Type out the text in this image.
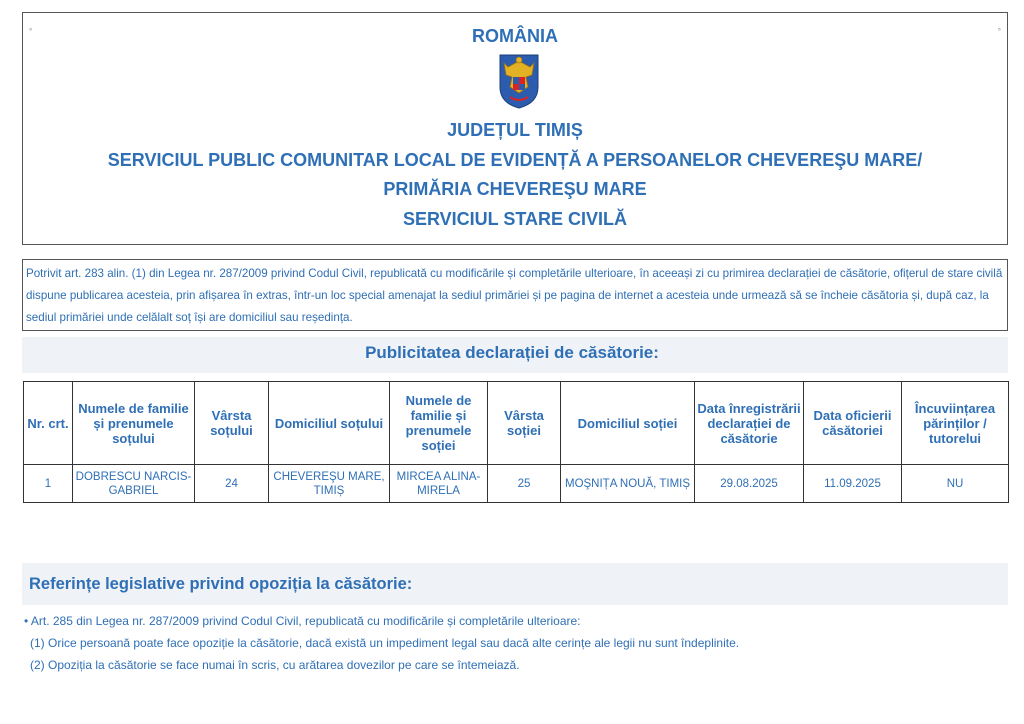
°	°
ROMÂNIA
JUDEȚUL TIMIȘ
SERVICIUL PUBLIC COMUNITAR LOCAL DE EVIDENȚĂ A PERSOANELOR CHEVEREŞU MARE/
PRIMĂRIA CHEVEREŞU MARE
SERVICIUL STARE CIVILĂ
Potrivit art. 283 alin. (1) din Legea nr. 287/2009 privind Codul Civil, republicată cu modificările și completările ulterioare, în aceeași zi cu primirea declarației de căsătorie, ofițerul de stare civilă dispune publicarea acesteia, prin afișarea în extras, într-un loc special amenajat la sediul primăriei și pe pagina de internet a acesteia unde urmează să se încheie căsătoria și, după caz, la sediul primăriei unde celălalt soț își are domiciliul sau reședința.
Publicitatea declarației de căsătorie:
Nr. crt.	Numele de familie și prenumele soțului	Vârsta soțului	Domiciliul soțului	Numele de familie și prenumele soției	Vârsta soției	Domiciliul soției	Data înregistrării declarației de căsătorie	Data oficierii căsătoriei	Încuviințarea părinților / tutorelui
1	DOBRESCU NARCIS-GABRIEL	24	CHEVEREŞU MARE, TIMIȘ	MIRCEA ALINA-MIRELA	25	MOŞNIȚA NOUĂ, TIMIȘ	29.08.2025	11.09.2025	NU
Referințe legislative privind opoziția la căsătorie:
• Art. 285 din Legea nr. 287/2009 privind Codul Civil, republicată cu modificările și completările ulterioare:
(1) Orice persoană poate face opoziție la căsătorie, dacă există un impediment legal sau dacă alte cerințe ale legii nu sunt îndeplinite.
(2) Opoziția la căsătorie se face numai în scris, cu arătarea dovezilor pe care se întemeiază.
